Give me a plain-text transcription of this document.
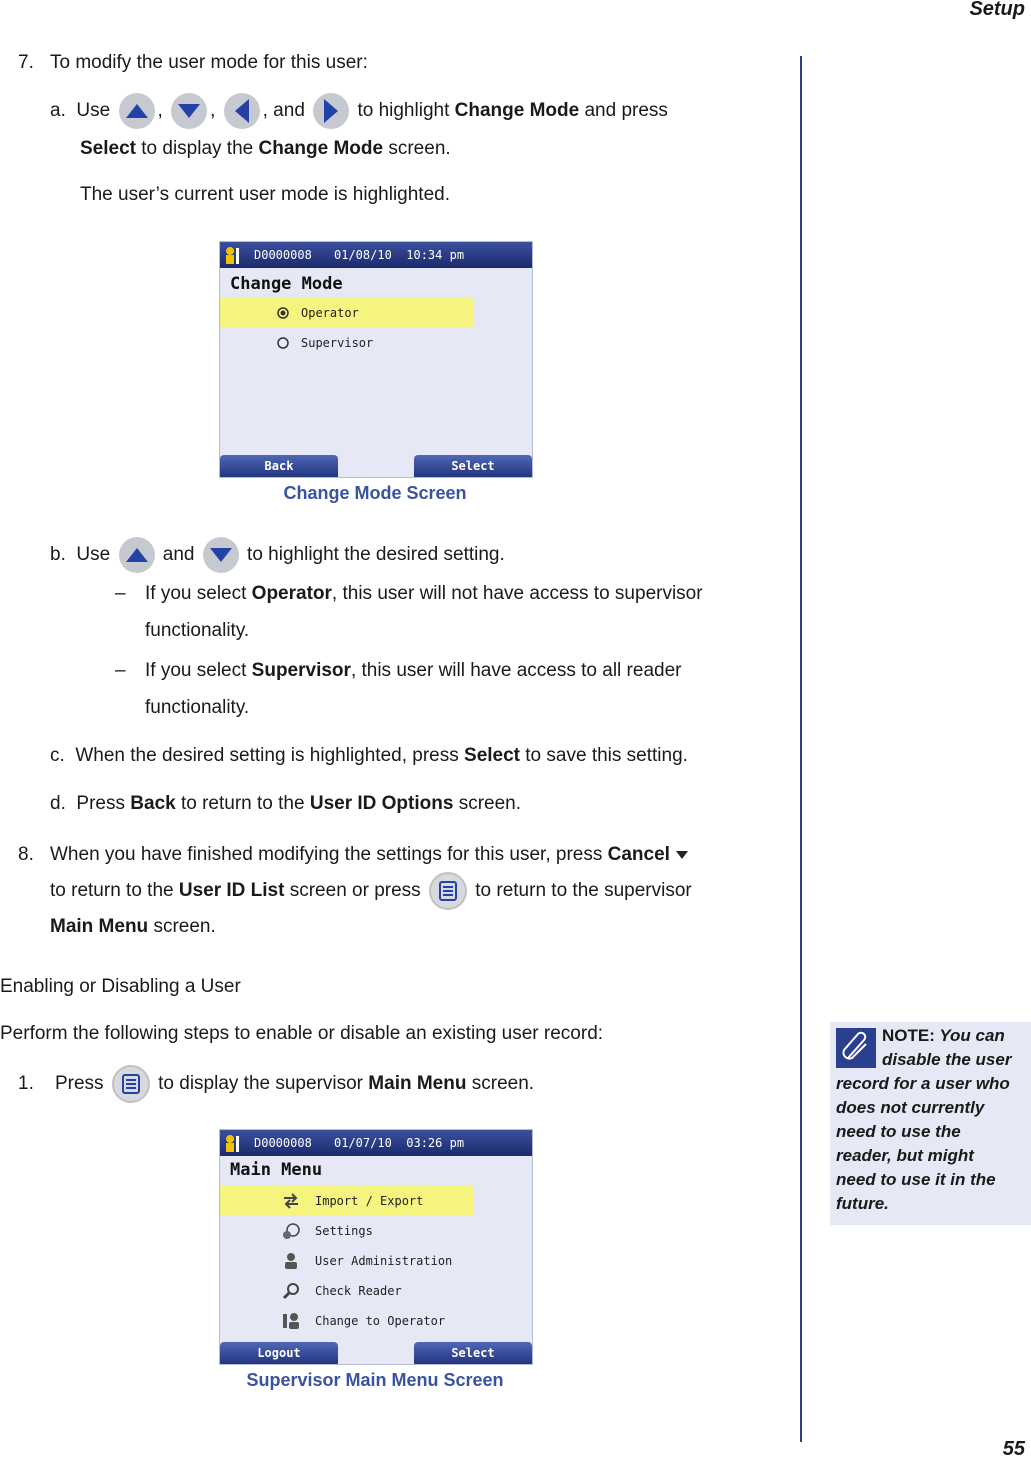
Setup
7. To modify the user mode for this user:
a. Use , , , and	to highlight Change Mode and press
Select to display the Change Mode screen.
The user’s current user mode is highlighted.
D0000008 01/08/10  10:34 pm
Change Mode
Operator
Supervisor
Back	Select
Change Mode Screen
b. Use	and	to highlight the desired setting.
– If you select Operator, this user will not have access to supervisor
functionality.
– If you select Supervisor, this user will have access to all reader
functionality.
c. When the desired setting is highlighted, press Select to save this setting.
d. Press Back to return to the User ID Options screen.
8. When you have finished modifying the settings for this user, press Cancel
to return to the User ID List screen or press	to return to the supervisor
Main Menu screen.
Enabling or Disabling a User
Perform the following steps to enable or disable an existing user record:
1. Press	to display the supervisor Main Menu screen.
D0000008 01/07/10  03:26 pm
Main Menu
Import / Export
Settings
User Administration
Check Reader
Change to Operator
Logout	Select
Supervisor Main Menu Screen
NOTE: You can
disable the user
record for a user who
does not currently
need to use the
reader, but might
need to use it in the
future.
55
